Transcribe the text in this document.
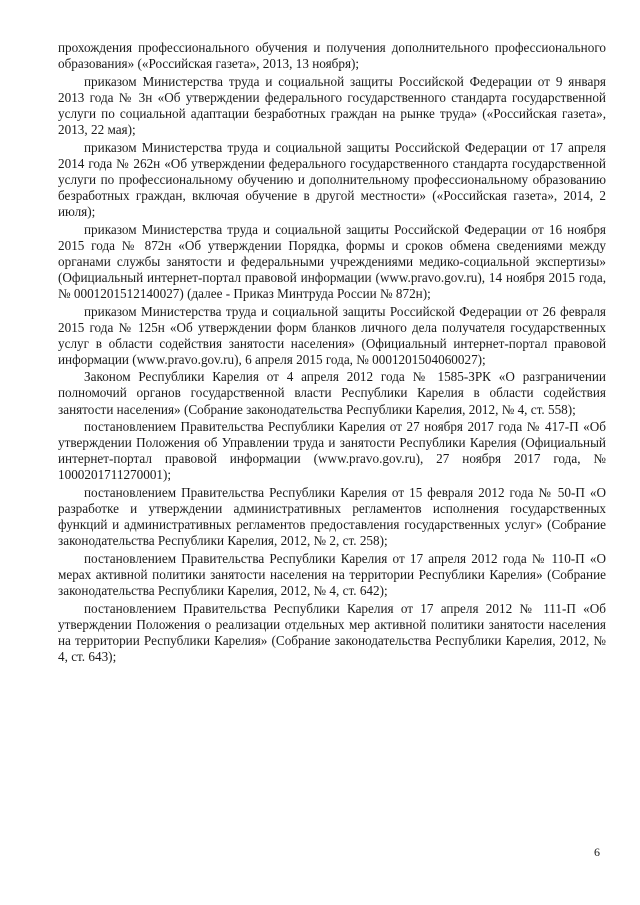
прохождения профессионального обучения и получения дополнительного профессионального образования» («Российская газета», 2013, 13 ноября);

приказом Министерства труда и социальной защиты Российской Федерации от 9 января 2013 года № 3н «Об утверждении федерального государственного стандарта государственной услуги по социальной адаптации безработных граждан на рынке труда» («Российская газета», 2013, 22 мая);

приказом Министерства труда и социальной защиты Российской Федерации от 17 апреля 2014 года № 262н «Об утверждении федерального государственного стандарта государственной услуги по профессиональному обучению и дополнительному профессиональному образованию безработных граждан, включая обучение в другой местности» («Российская газета», 2014, 2 июля);

приказом Министерства труда и социальной защиты Российской Федерации от 16 ноября 2015 года № 872н «Об утверждении Порядка, формы и сроков обмена сведениями между органами службы занятости и федеральными учреждениями медико-социальной экспертизы» (Официальный интернет-портал правовой информации (www.pravo.gov.ru), 14 ноября 2015 года, № 0001201512140027) (далее - Приказ Минтруда России № 872н);

приказом Министерства труда и социальной защиты Российской Федерации от 26 февраля 2015 года № 125н «Об утверждении форм бланков личного дела получателя государственных услуг в области содействия занятости населения» (Официальный интернет-портал правовой информации (www.pravo.gov.ru), 6 апреля 2015 года, № 0001201504060027);

Законом Республики Карелия от 4 апреля 2012 года № 1585-ЗРК «О разграничении полномочий органов государственной власти Республики Карелия в области содействия занятости населения» (Собрание законодательства Республики Карелия, 2012, № 4, ст. 558);

постановлением Правительства Республики Карелия от 27 ноября 2017 года № 417-П «Об утверждении Положения об Управлении труда и занятости Республики Карелия (Официальный интернет-портал правовой информации (www.pravo.gov.ru), 27 ноября 2017 года, № 1000201711270001);

постановлением Правительства Республики Карелия от 15 февраля 2012 года № 50-П «О разработке и утверждении административных регламентов исполнения государственных функций и административных регламентов предоставления государственных услуг» (Собрание законодательства Республики Карелия, 2012, № 2, ст. 258);

постановлением Правительства Республики Карелия от 17 апреля 2012 года № 110-П «О мерах активной политики занятости населения на территории Республики Карелия» (Собрание законодательства Республики Карелия, 2012, № 4, ст. 642);

постановлением Правительства Республики Карелия от 17 апреля 2012 № 111-П «Об утверждении Положения о реализации отдельных мер активной политики занятости населения на территории Республики Карелия» (Собрание законодательства Республики Карелия, 2012, № 4, ст. 643);

6
